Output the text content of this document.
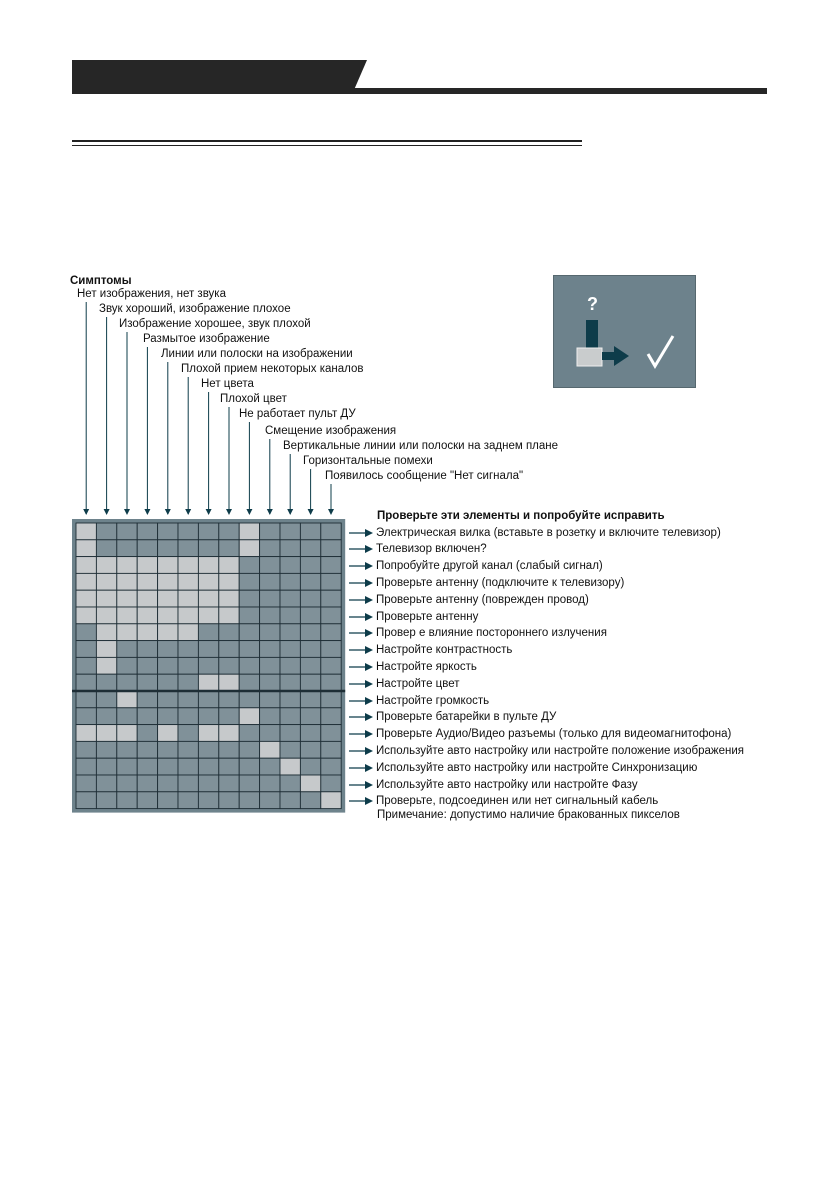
Симптомы
Нет изображения, нет звука
Звук хороший, изображение плохое
Изображение хорошее, звук плохой
Размытое изображение
Линии или полоски на изображении
Плохой прием некоторых каналов
Нет цвета
Плохой цвет
Не работает пульт ДУ
Смещение изображения
Вертикальные линии или полоски на заднем плане
Горизонтальные помехи
Появилось сообщение "Нет сигнала"
Проверьте эти элементы и попробуйте исправить
Электрическая вилка (вставьте в розетку и включите телевизор)
Телевизор включен?
Попробуйте другой канал (слабый сигнал)
Проверьте антенну (подключите к телевизору)
Проверьте антенну (поврежден провод)
Проверьте антенну
Провер е влияние постороннего излучения
Настройте контрастность
Настройте яркость
Настройте цвет
Настройте громкость
Проверьте батарейки в пульте ДУ
Проверьте Аудио/Видео разъемы (только для видеомагнитофона)
Используйте авто настройку или настройте положение изображения
Используйте авто настройку или настройте Синхронизацию
Используйте авто настройку или настройте Фазу
Проверьте, подсоединен или нет сигнальный кабель
Примечание: допустимо наличие бракованных пикселов
?
